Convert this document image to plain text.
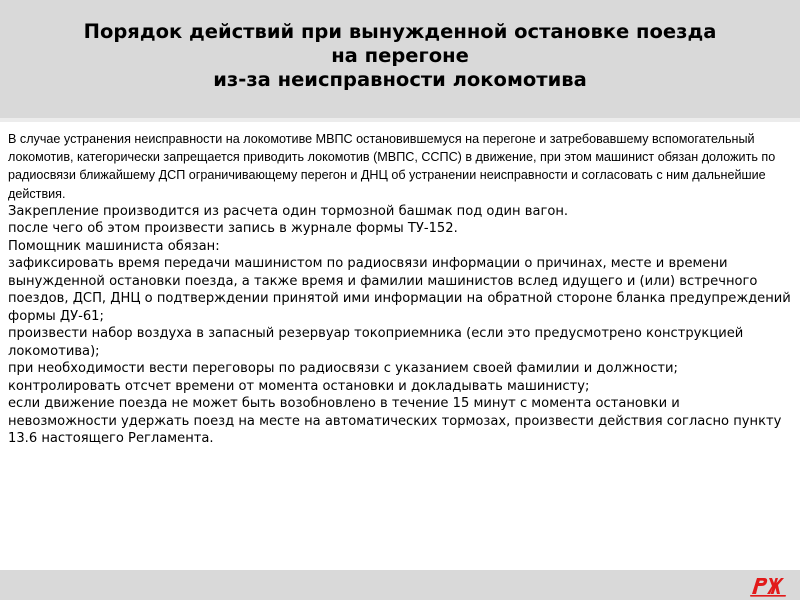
Порядок действий при вынужденной остановке поезда
на перегоне
из-за неисправности локомотива

В случае устранения неисправности на локомотиве МВПС остановившемуся на перегоне и затребовавшему вспомогательный локомотив, категорически запрещается приводить локомотив (МВПС, ССПС) в движение, при этом машинист обязан доложить по радиосвязи ближайшему ДСП ограничивающему перегон и ДНЦ об устранении неисправности и согласовать с ним дальнейшие действия.

Закрепление производится из расчета один тормозной башмак под один вагон.

после чего об этом произвести запись в журнале формы ТУ-152.

Помощник машиниста обязан:

зафиксировать время передачи машинистом по радиосвязи информации о причинах, месте и времени вынужденной остановки поезда, а также время и фамилии машинистов вслед идущего и (или) встречного поездов, ДСП, ДНЦ о подтверждении принятой ими информации на обратной стороне бланка предупреждений формы ДУ-61;

произвести набор воздуха в запасный резервуар токоприемника (если это предусмотрено конструкцией локомотива);

при необходимости вести переговоры по радиосвязи с указанием своей фамилии и должности;

контролировать отсчет времени от момента остановки и докладывать машинисту;

если движение поезда не может быть возобновлено в течение 15 минут с момента остановки и невозможности удержать поезд на месте на автоматических тормозах, произвести действия согласно пункту 13.6 настоящего Регламента.
